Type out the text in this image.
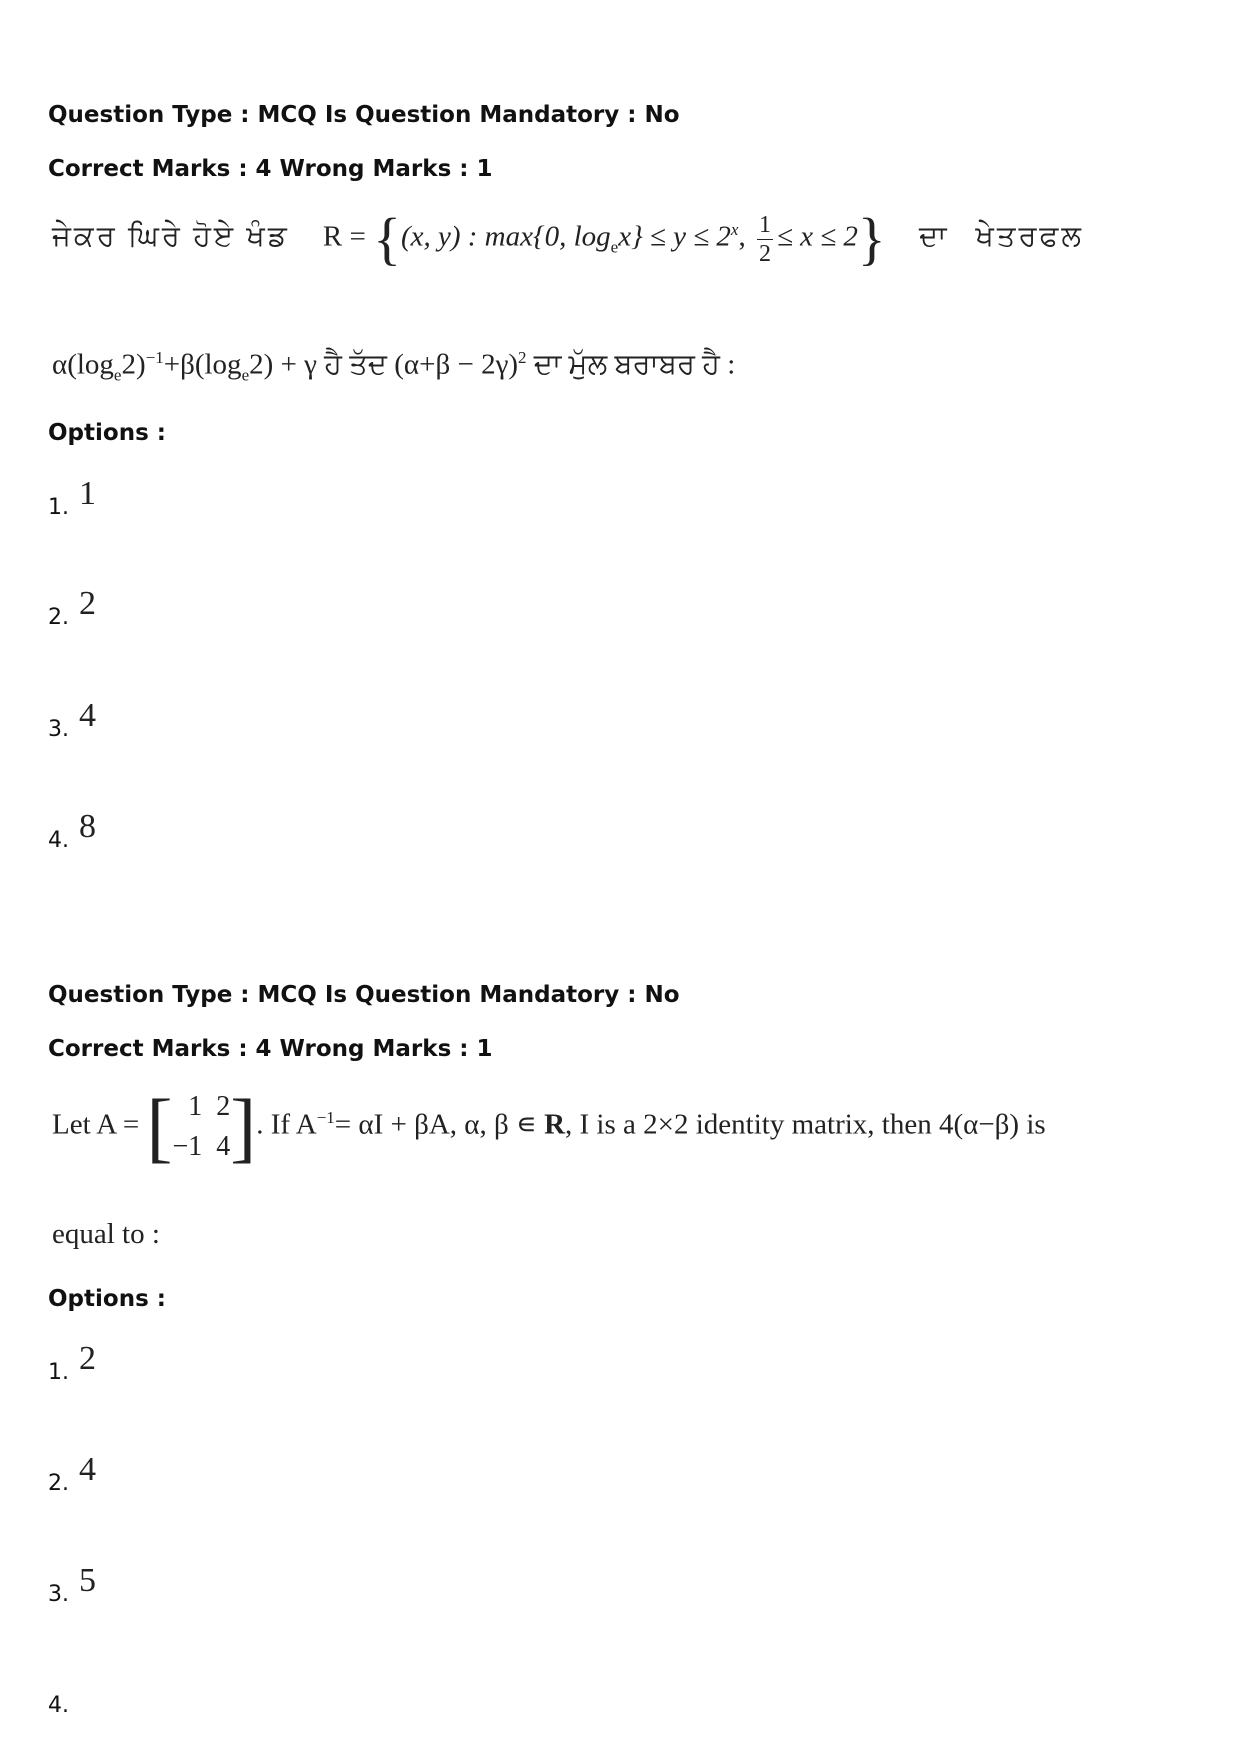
Question Type : MCQ Is Question Mandatory : No
Correct Marks : 4 Wrong Marks : 1
ਜੇਕਰ ਘਿਰੇ ਹੋਏ ਖੰਡ R = {(x, y) : max{0, $\log_ex\} \le y \le 2^x$, $\frac{1}{2} \le x \le 2$} ਦਾ ਖੇਤਰਫਲ
$\alpha(\log_e2)^{-1}+\beta(\log_e2) + \gamma$ ਹੈ ਤੱਦ $(\alpha+\beta - 2\gamma)^2$ ਦਾ ਮੁੱਲ ਬਰਾਬਰ ਹੈ :
Options :
1. 1
2. 2
3. 4
4. 8
Question Type : MCQ Is Question Mandatory : No
Correct Marks : 4 Wrong Marks : 1
Let A = [ 1 2
−1 4 ]. If $A^{-1}= \alpha I + \beta A$, α, β ∊ R, I is a 2×2 identity matrix, then 4(α−β) is
equal to :
Options :
1. 2
2. 4
3. 5
4.
